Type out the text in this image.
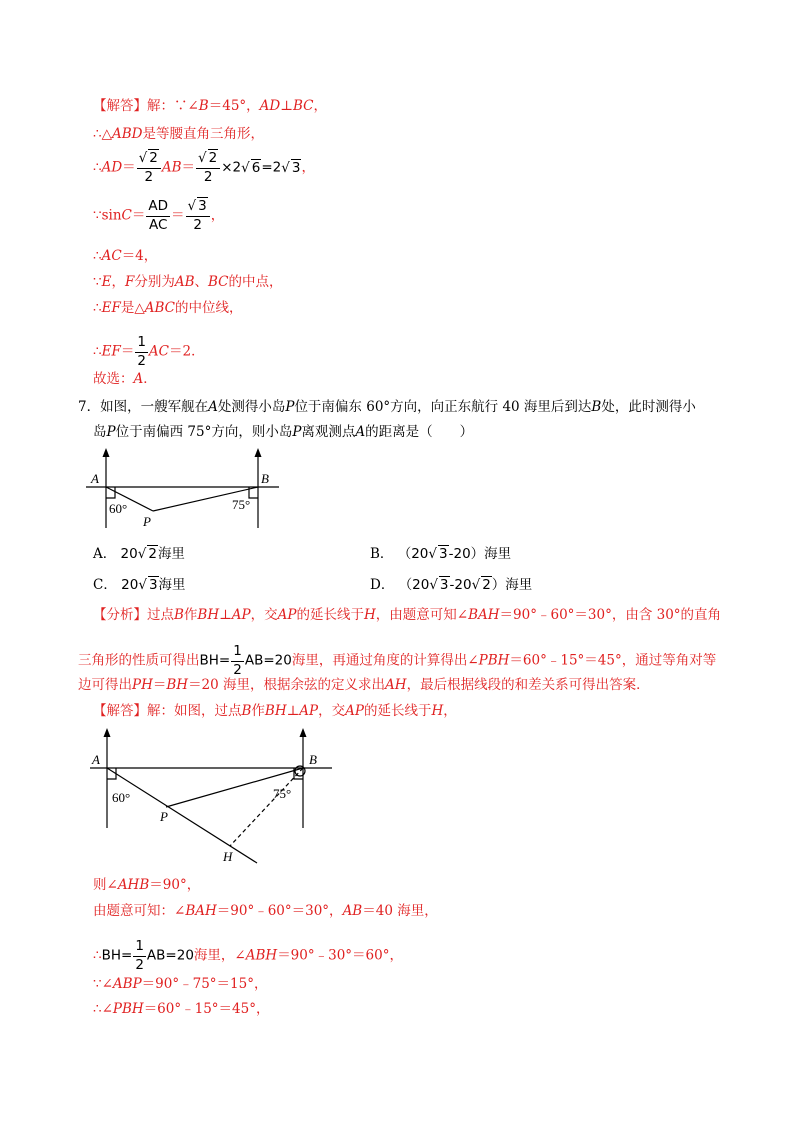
【解答】解：∵∠B＝45°，AD⊥BC，
∴△ABD是等腰直角三角形，
∴AD＝ $\frac{√ 2}{2} AB= \frac{√ 2}{2} \times 2√$ 6=2√ 3，
∵sinC＝ $\frac{AD}{AC} = \frac{√ 3}{2}$ ，
∴AC＝4，
∵E，F分别为AB、BC的中点，
∴EF是△ABC的中位线，
∴EF＝ $\frac{1}{2} AC=2$．
故选：A．
7．如图，一艘军舰在A处测得小岛P位于南偏东 60°方向，向正东航行 40 海里后到达B处，此时测得小
岛P位于南偏西 75°方向，则小岛P离观测点A的距离是（　　）
A	B
P
60°	75°
A． 20√ 2海里	B． （20√ 3-20）海里
C． 20√ 3海里	D． （20√ 3-20√ 2）海里
【分析】过点B作BH⊥AP，交AP的延长线于H，由题意可知∠BAH＝90°﹣60°＝30°，由含 30°的直角
三角形的性质可得出$BH= \frac{1}{2} AB=20$海里，再通过角度的计算得出∠PBH＝60°﹣15°＝45°，通过等角对等
边可得出PH＝BH＝20 海里，根据余弦的定义求出AH，最后根据线段的和差关系可得出答案．
【解答】解：如图，过点B作BH⊥AP，交AP的延长线于H，
A	B
P
H
60°	75°
则∠AHB＝90°，
由题意可知：∠BAH＝90°﹣60°＝30°，AB＝40 海里，
∴BH= $\frac{1}{2} AB=20$海里，∠ABH＝90°﹣30°＝60°，
∵∠ABP＝90°﹣75°＝15°，
∴∠PBH＝60°﹣15°＝45°，
